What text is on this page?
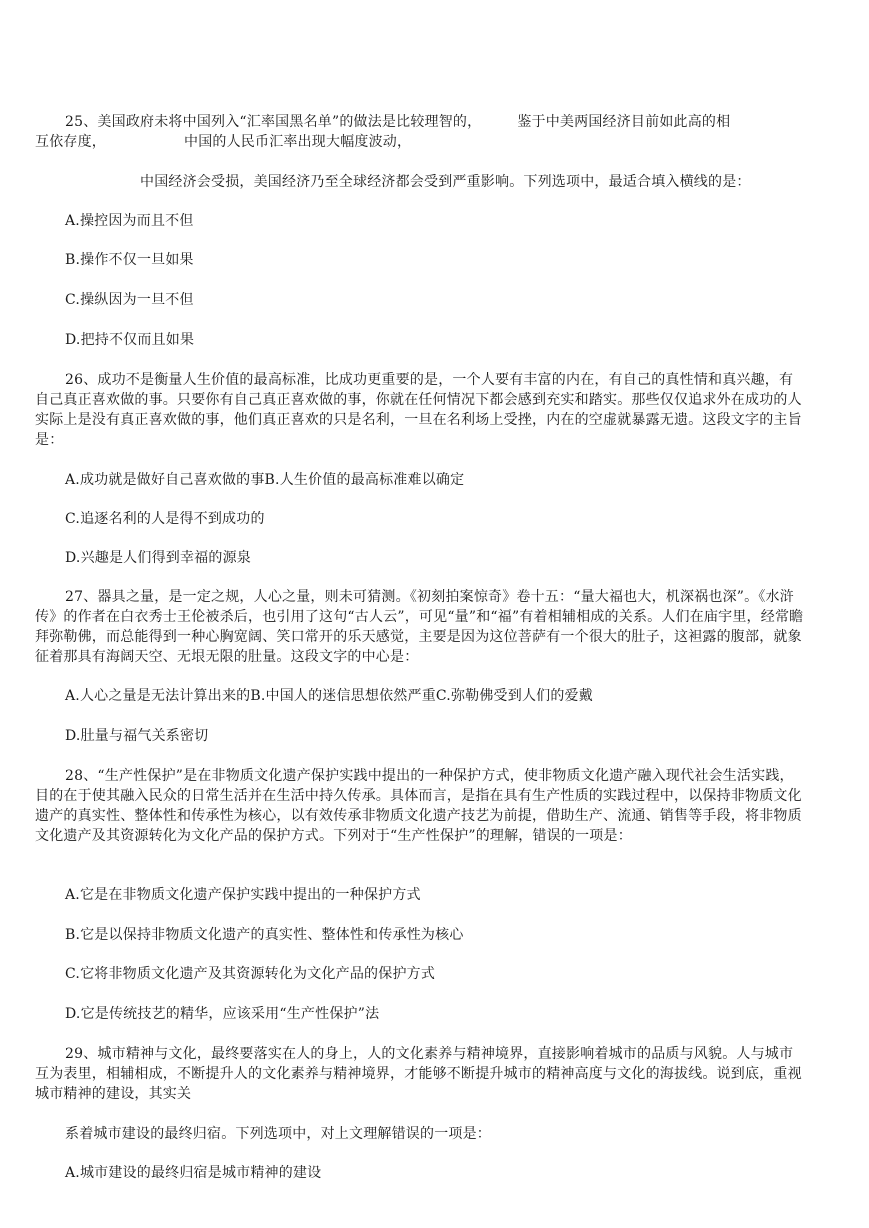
25、美国政府未将中国列入“汇率国黑名单”的做法是比较理智的，	鉴于中美两国经济目前如此高的相

互依存度，	中国的人民币汇率出现大幅度波动，

中国经济会受损，美国经济乃至全球经济都会受到严重影响。下列选项中，最适合填入横线的是：

A.操控因为而且不但

B.操作不仅一旦如果

C.操纵因为一旦不但

D.把持不仅而且如果

26、成功不是衡量人生价值的最高标准，比成功更重要的是，一个人要有丰富的内在，有自己的真性情和真兴趣，有自己真正喜欢做的事。只要你有自己真正喜欢做的事，你就在任何情况下都会感到充实和踏实。那些仅仅追求外在成功的人实际上是没有真正喜欢做的事，他们真正喜欢的只是名利，一旦在名利场上受挫，内在的空虚就暴露无遗。这段文字的主旨是：

A.成功就是做好自己喜欢做的事B.人生价值的最高标准难以确定

C.追逐名利的人是得不到成功的

D.兴趣是人们得到幸福的源泉

27、器具之量，是一定之规，人心之量，则未可猜测。《初刻拍案惊奇》卷十五：“量大福也大，机深祸也深”。《水浒传》的作者在白衣秀士王伦被杀后，也引用了这句“古人云”，可见“量”和“福”有着相辅相成的关系。人们在庙宇里，经常瞻拜弥勒佛，而总能得到一种心胸宽阔、笑口常开的乐天感觉，主要是因为这位菩萨有一个很大的肚子，这袒露的腹部，就象征着那具有海阔天空、无垠无限的肚量。这段文字的中心是：

A.人心之量是无法计算出来的B.中国人的迷信思想依然严重C.弥勒佛受到人们的爱戴

D.肚量与福气关系密切

28、“生产性保护”是在非物质文化遗产保护实践中提出的一种保护方式，使非物质文化遗产融入现代社会生活实践，目的在于使其融入民众的日常生活并在生活中持久传承。具体而言，是指在具有生产性质的实践过程中，以保持非物质文化遗产的真实性、整体性和传承性为核心，以有效传承非物质文化遗产技艺为前提，借助生产、流通、销售等手段，将非物质文化遗产及其资源转化为文化产品的保护方式。下列对于“生产性保护”的理解，错误的一项是：

A.它是在非物质文化遗产保护实践中提出的一种保护方式

B.它是以保持非物质文化遗产的真实性、整体性和传承性为核心

C.它将非物质文化遗产及其资源转化为文化产品的保护方式

D.它是传统技艺的精华，应该采用“生产性保护”法

29、城市精神与文化，最终要落实在人的身上，人的文化素养与精神境界，直接影响着城市的品质与风貌。人与城市互为表里，相辅相成，不断提升人的文化素养与精神境界，才能够不断提升城市的精神高度与文化的海拔线。说到底，重视城市精神的建设，其实关

系着城市建设的最终归宿。下列选项中，对上文理解错误的一项是：

A.城市建设的最终归宿是城市精神的建设
